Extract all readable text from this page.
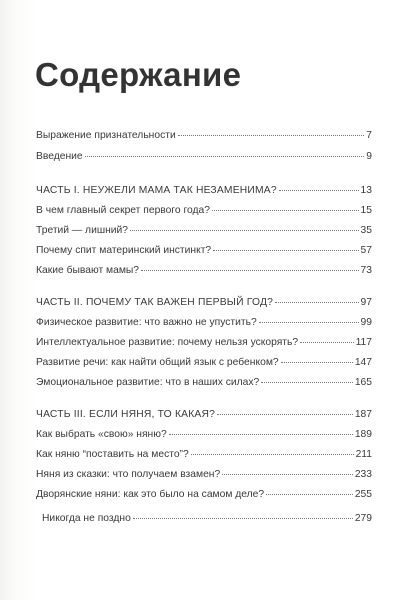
Содержание
Выражение признательности	7
Введение	9
ЧАСТЬ I. НЕУЖЕЛИ МАМА ТАК НЕЗАМЕНИМА?	13
В чем главный секрет первого года?	15
Третий — лишний?	35
Почему спит материнский инстинкт?	57
Какие бывают мамы?	73
ЧАСТЬ II. ПОЧЕМУ ТАК ВАЖЕН ПЕРВЫЙ ГОД?	97
Физическое развитие: что важно не упустить?	99
Интеллектуальное развитие: почему нельзя ускорять?	117
Развитие речи: как найти общий язык с ребенком?	147
Эмоциональное развитие: что в наших силах?	165
ЧАСТЬ III. ЕСЛИ НЯНЯ, ТО КАКАЯ?	187
Как выбрать «свою» няню?	189
Как няню “поставить на место”?	211
Няня из сказки: что получаем взамен?	233
Дворянские няни: как это было на самом деле?	255
Никогда не поздно	279
